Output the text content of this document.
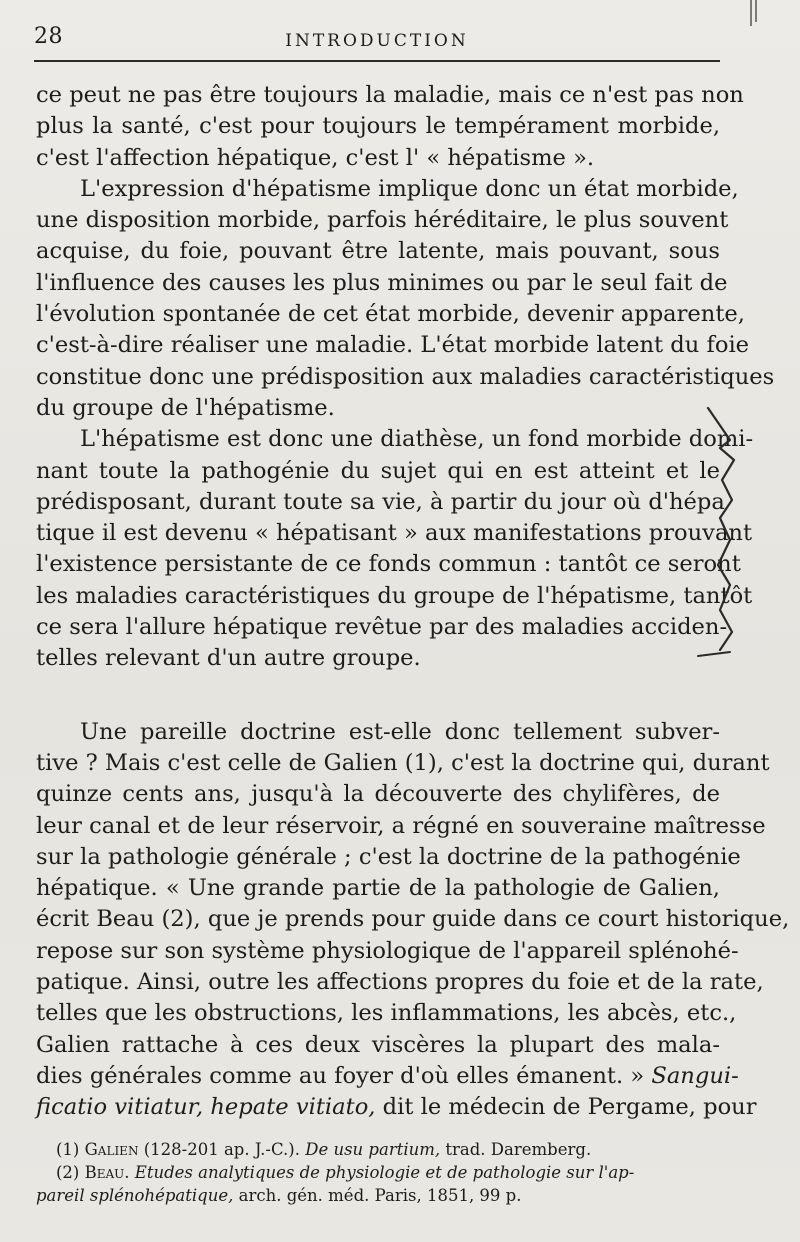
28	INTRODUCTION
ce peut ne pas être toujours la maladie, mais ce n'est pas non
plus la santé, c'est pour toujours le tempérament morbide,
c'est l'affection hépatique, c'est l' « hépatisme ».
L'expression d'hépatisme implique donc un état morbide,
une disposition morbide, parfois héréditaire, le plus souvent
acquise, du foie, pouvant être latente, mais pouvant, sous
l'influence des causes les plus minimes ou par le seul fait de
l'évolution spontanée de cet état morbide, devenir apparente,
c'est-à-dire réaliser une maladie. L'état morbide latent du foie
constitue donc une prédisposition aux maladies caractéristiques
du groupe de l'hépatisme.
L'hépatisme est donc une diathèse, un fond morbide domi-
nant toute la pathogénie du sujet qui en est atteint et le
prédisposant, durant toute sa vie, à partir du jour où d'hépa
tique il est devenu « hépatisant » aux manifestations prouvant
l'existence persistante de ce fonds commun : tantôt ce seront
les maladies caractéristiques du groupe de l'hépatisme, tantôt
ce sera l'allure hépatique revêtue par des maladies acciden-
telles relevant d'un autre groupe.
Une pareille doctrine est-elle donc tellement subver-
tive ? Mais c'est celle de Galien (1), c'est la doctrine qui, durant
quinze cents ans, jusqu'à la découverte des chylifères, de
leur canal et de leur réservoir, a régné en souveraine maîtresse
sur la pathologie générale ; c'est la doctrine de la pathogénie
hépatique. « Une grande partie de la pathologie de Galien,
écrit Beau (2), que je prends pour guide dans ce court historique,
repose sur son système physiologique de l'appareil splénohé-
patique. Ainsi, outre les affections propres du foie et de la rate,
telles que les obstructions, les inflammations, les abcès, etc.,
Galien rattache à ces deux viscères la plupart des mala-
dies générales comme au foyer d'où elles émanent. » Sangui-
ficatio vitiatur, hepate vitiato, dit le médecin de Pergame, pour
(1) Galien (128-201 ap. J.-C.). De usu partium, trad. Daremberg.
(2) Beau. Etudes analytiques de physiologie et de pathologie sur l'ap-
pareil splénohépatique, arch. gén. méd. Paris, 1851, 99 p.
